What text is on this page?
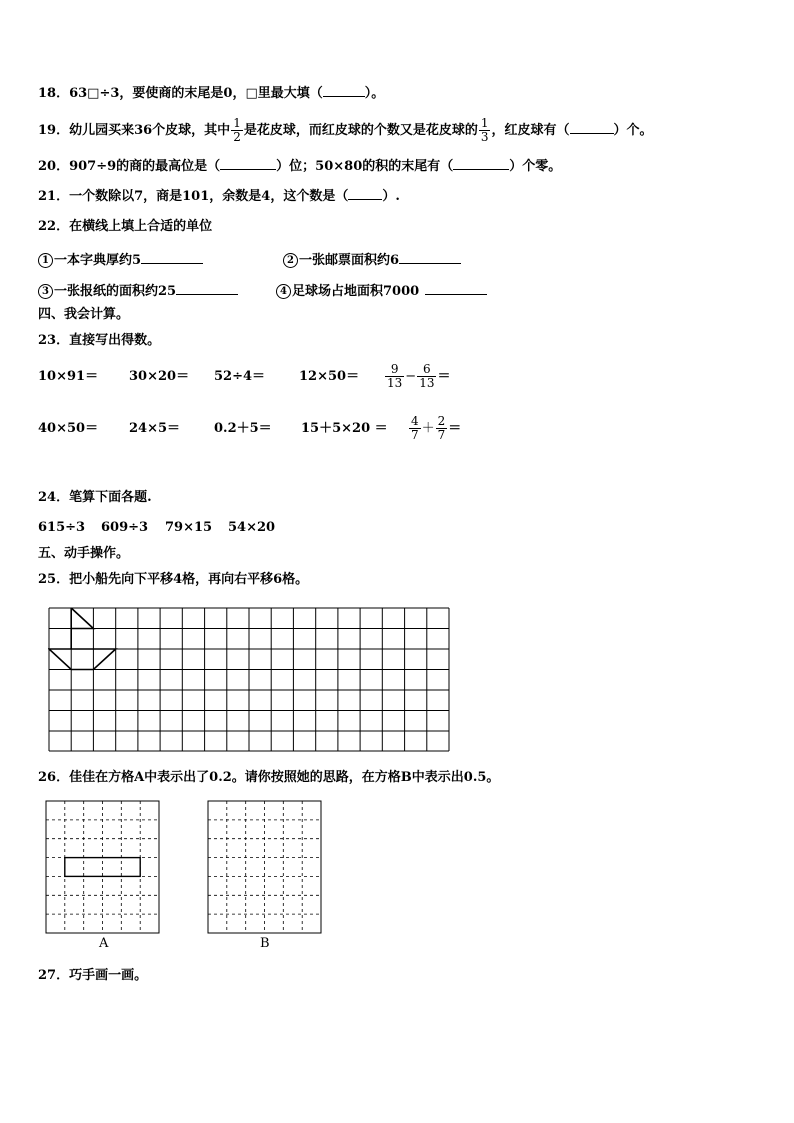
18．63□÷3，要使商的末尾是0，□里最大填（	）。
19．幼儿园买来36个皮球，其中 $\frac{1}{2}$ 是花皮球，而红皮球的个数又是花皮球的 $\frac{1}{3}$ ，红皮球有（	）个。
20．907÷9的商的最高位是（	）位；50×80的积的末尾有（	）个零。
21．一个数除以7，商是101，余数是4，这个数是（	）.
22．在横线上填上合适的单位
1 一本字典厚约5	2 一张邮票面积约6
3 一张报纸的面积约25	4 足球场占地面积7000
四、我会计算。
23．直接写出得数。
10×91＝ 30×20＝ 52÷4＝	$12\times 50= \frac{9}{13} - \frac{6}{13}$ ＝
40×50＝ 24×5＝	$0.2+5= 15+5\times 20 = \frac{4}{7} + \frac{2}{7}$ ＝
24．笔算下面各题.
615÷3 609÷3 79×15 54×20
五、动手操作。
25．把小船先向下平移4格，再向右平移6格。
26．佳佳在方格A中表示出了0.2。请你按照她的思路，在方格B中表示出0.5。
A	B
27．巧手画一画。
